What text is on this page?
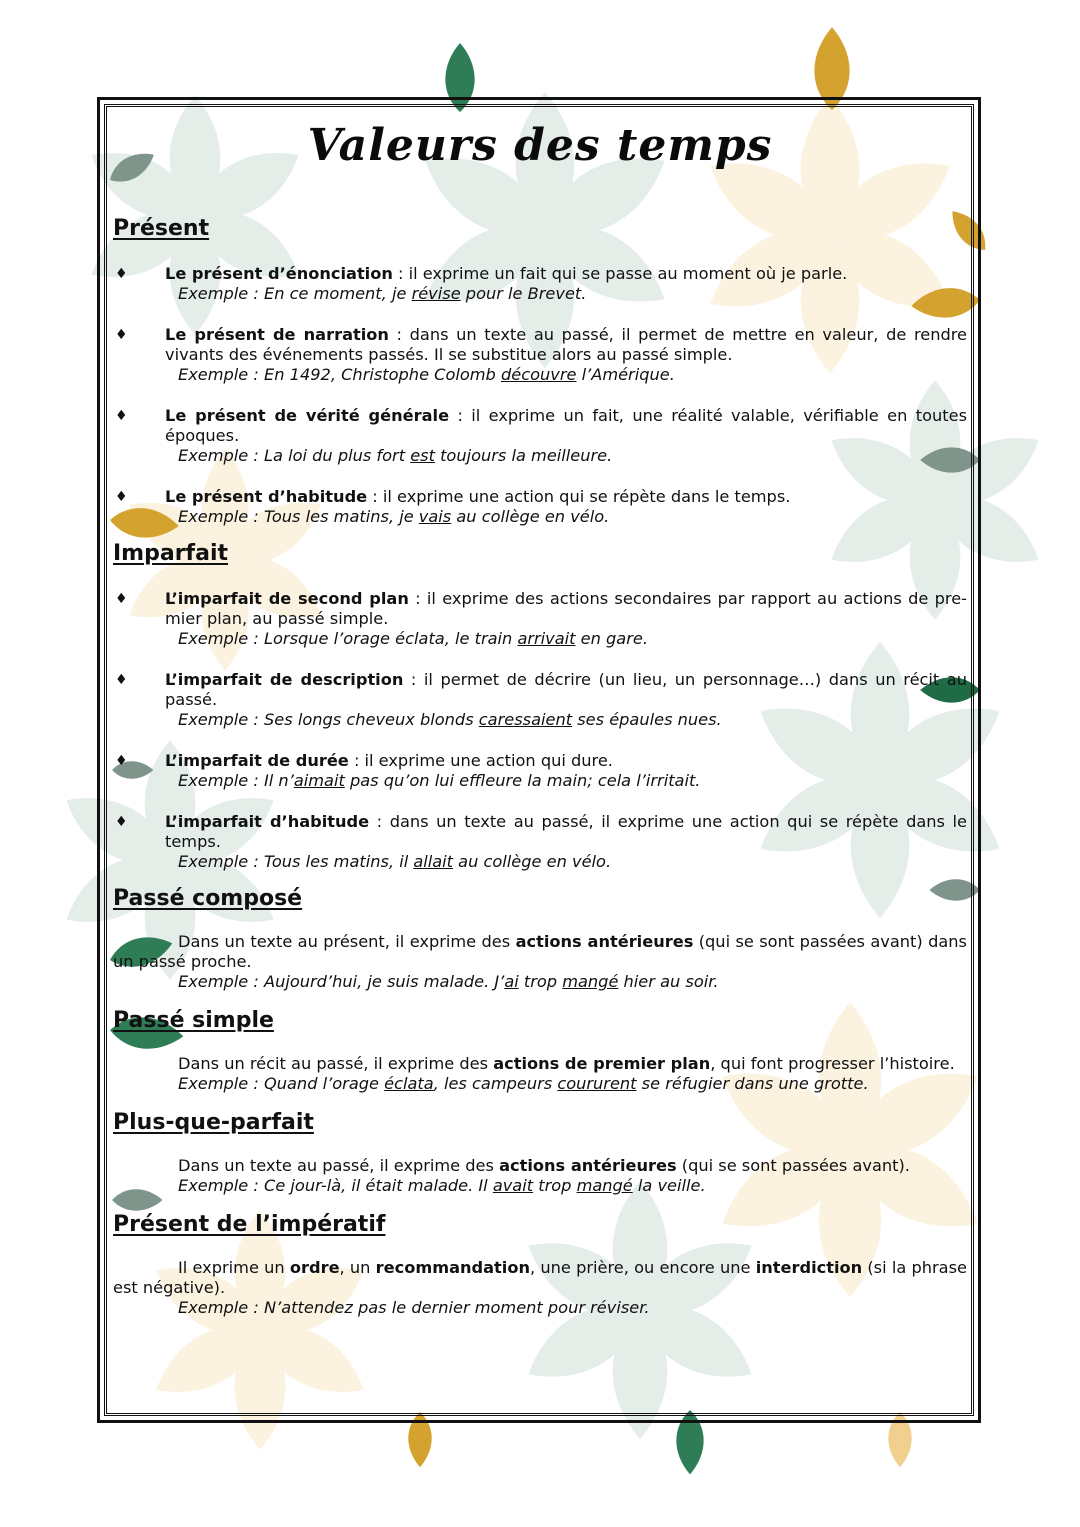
Valeurs des temps
Présent
♦ Le présent d’énonciation : il exprime un fait qui se passe au moment où je parle.
Exemple : En ce moment, je révise pour le Brevet.
♦ Le présent de narration : dans un texte au passé, il permet de mettre en valeur, de rendre vivants des événements passés. Il se substitue alors au passé simple.
Exemple : En 1492, Christophe Colomb découvre l’Amérique.
♦ Le présent de vérité générale : il exprime un fait, une réalité valable, vérifiable en toutes époques.
Exemple : La loi du plus fort est toujours la meilleure.
♦ Le présent d’habitude : il exprime une action qui se répète dans le temps.
Exemple : Tous les matins, je vais au collège en vélo.
Imparfait
♦ L’imparfait de second plan : il exprime des actions secondaires par rapport au actions de pre-mier plan, au passé simple.
Exemple : Lorsque l’orage éclata, le train arrivait en gare.
♦ L’imparfait de description : il permet de décrire (un lieu, un personnage…) dans un récit au passé.
Exemple : Ses longs cheveux blonds caressaient ses épaules nues.
♦ L’imparfait de durée : il exprime une action qui dure.
Exemple : Il n’aimait pas qu’on lui effleure la main; cela l’irritait.
♦ L’imparfait d’habitude : dans un texte au passé, il exprime une action qui se répète dans le temps.
Exemple : Tous les matins, il allait au collège en vélo.
Passé composé
Dans un texte au présent, il exprime des actions antérieures (qui se sont passées avant) dans un passé proche.
Exemple : Aujourd’hui, je suis malade. J’ai trop mangé hier au soir.
Passé simple
Dans un récit au passé, il exprime des actions de premier plan, qui font progresser l’histoire.
Exemple : Quand l’orage éclata, les campeurs coururent se réfugier dans une grotte.
Plus-que-parfait
Dans un texte au passé, il exprime des actions antérieures (qui se sont passées avant).
Exemple : Ce jour-là, il était malade. Il avait trop mangé la veille.
Présent de l’impératif
Il exprime un ordre, un recommandation, une prière, ou encore une interdiction (si la phrase est négative).
Exemple : N’attendez pas le dernier moment pour réviser.
